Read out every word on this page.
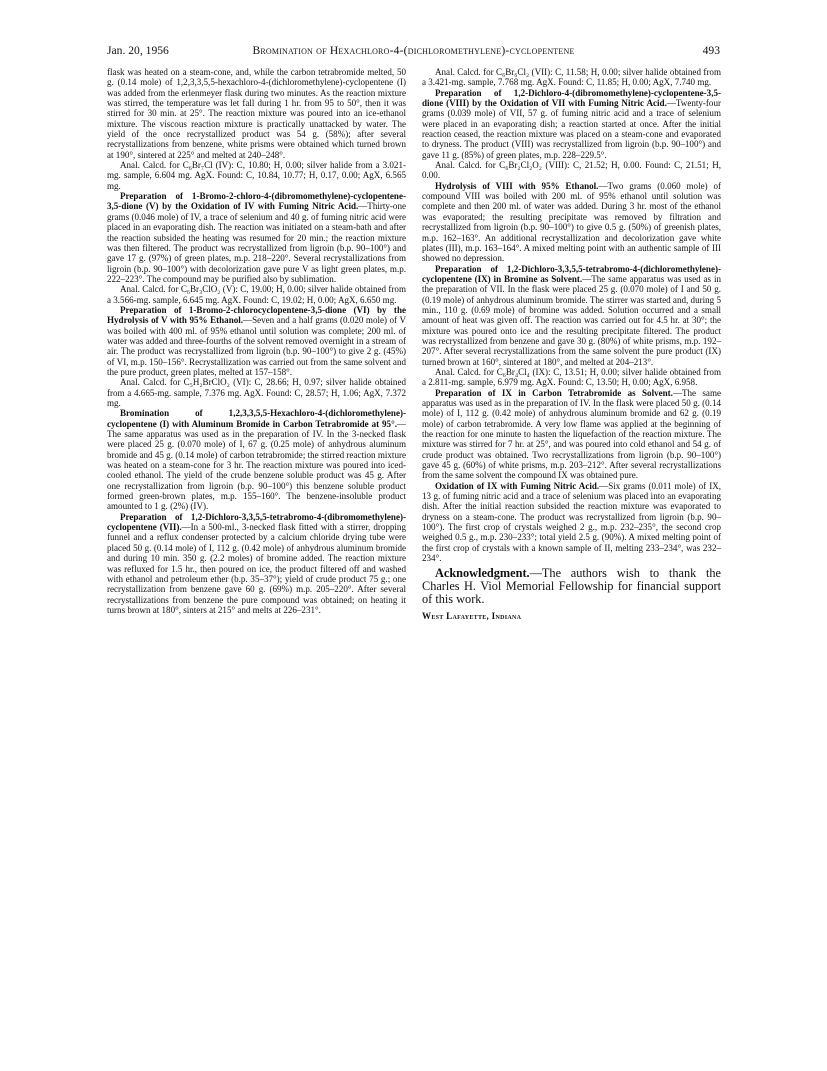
Jan. 20, 1956	Bromination of Hexachloro-4-(dichloromethylene)-cyclopentene	493

flask was heated on a steam-cone, and, while the carbon tetrabromide melted, 50 g. (0.14 mole) of 1,2,3,3,5,5-hexachloro-4-(dichloromethylene)-cyclopentene (I) was added from the erlenmeyer flask during two minutes. As the reaction mixture was stirred, the temperature was let fall during 1 hr. from 95 to 50°, then it was stirred for 30 min. at 25°. The reaction mixture was poured into an ice-ethanol mixture. The viscous reaction mixture is practically unattacked by water. The yield of the once recrystallized product was 54 g. (58%); after several recrystallizations from benzene, white prisms were obtained which turned brown at 190°, sintered at 225° and melted at 240–248°.

Anal. Calcd. for C₆Br₇Cl (IV): C, 10.80; H, 0.00; silver halide from a 3.021-mg. sample, 6.604 mg. AgX. Found: C, 10.84, 10.77; H, 0.17, 0.00; AgX, 6.565 mg.

Preparation of 1-Bromo-2-chloro-4-(dibromomethylene)-cyclopentene-3,5-dione (V) by the Oxidation of IV with Fuming Nitric Acid.—Thirty-one grams (0.046 mole) of IV, a trace of selenium and 40 g. of fuming nitric acid were placed in an evaporating dish. The reaction was initiated on a steam-bath and after the reaction subsided the heating was resumed for 20 min.; the reaction mixture was then filtered. The product was recrystallized from ligroin (b.p. 90–100°) and gave 17 g. (97%) of green plates, m.p. 218–220°. Several recrystallizations from ligroin (b.p. 90–100°) with decolorization gave pure V as light green plates, m.p. 222–223°. The compound may be purified also by sublimation.

Anal. Calcd. for C₆Br₃ClO₂ (V): C, 19.00; H, 0.00; silver halide obtained from a 3.566-mg. sample, 6.645 mg. AgX. Found: C, 19.02; H, 0.00; AgX, 6.650 mg.

Preparation of 1-Bromo-2-chlorocyclopentene-3,5-dione (VI) by the Hydrolysis of V with 95% Ethanol.—Seven and a half grams (0.020 mole) of V was boiled with 400 ml. of 95% ethanol until solution was complete; 200 ml. of water was added and three-fourths of the solvent removed overnight in a stream of air. The product was recrystallized from ligroin (b.p. 90–100°) to give 2 g. (45%) of VI, m.p. 150–156°. Recrystallization was carried out from the same solvent and the pure product, green plates, melted at 157–158°.

Anal. Calcd. for C₅H₂BrClO₂ (VI): C, 28.66; H, 0.97; silver halide obtained from a 4.665-mg. sample, 7.376 mg. AgX. Found: C, 28.57; H, 1.06; AgX, 7.372 mg.

Bromination of 1,2,3,3,5,5-Hexachloro-4-(dichloromethylene)-cyclopentene (I) with Aluminum Bromide in Carbon Tetrabromide at 95°.—The same apparatus was used as in the preparation of IV. In the 3-necked flask were placed 25 g. (0.070 mole) of I, 67 g. (0.25 mole) of anhydrous aluminum bromide and 45 g. (0.14 mole) of carbon tetrabromide; the stirred reaction mixture was heated on a steam-cone for 3 hr. The reaction mixture was poured into iced-cooled ethanol. The yield of the crude benzene soluble product was 45 g. After one recrystallization from ligroin (b.p. 90–100°) this benzene soluble product formed green-brown plates, m.p. 155–160°. The benzene-insoluble product amounted to 1 g. (2%) (IV).

Preparation of 1,2-Dichloro-3,3,5,5-tetrabromo-4-(dibromomethylene)-cyclopentene (VII).—In a 500-ml., 3-necked flask fitted with a stirrer, dropping funnel and a reflux condenser protected by a calcium chloride drying tube were placed 50 g. (0.14 mole) of I, 112 g. (0.42 mole) of anhydrous aluminum bromide and during 10 min. 350 g. (2.2 moles) of bromine added. The reaction mixture was refluxed for 1.5 hr., then poured on ice, the product filtered off and washed with ethanol and petroleum ether (b.p. 35–37°); yield of crude product 75 g.; one recrystallization from benzene gave 60 g. (69%) m.p. 205–220°. After several recrystallizations from benzene the pure compound was obtained; on heating it turns brown at 180°, sinters at 215° and melts at 226–231°.

Anal. Calcd. for C₆Br₆Cl₂ (VII): C, 11.58; H, 0.00; silver halide obtained from a 3.421-mg. sample, 7.768 mg. AgX. Found: C, 11.85; H, 0.00; AgX, 7.740 mg.

Preparation of 1,2-Dichloro-4-(dibromomethylene)-cyclopentene-3,5-dione (VIII) by the Oxidation of VII with Fuming Nitric Acid.—Twenty-four grams (0.039 mole) of VII, 57 g. of fuming nitric acid and a trace of selenium were placed in an evaporating dish; a reaction started at once. After the initial reaction ceased, the reaction mixture was placed on a steam-cone and evaporated to dryness. The product (VIII) was recrystallized from ligroin (b.p. 90–100°) and gave 11 g. (85%) of green plates, m.p. 228–229.5°.

Anal. Calcd. for C₆Br₂Cl₂O₂ (VIII): C, 21.52; H, 0.00. Found: C, 21.51; H, 0.00.

Hydrolysis of VIII with 95% Ethanol.—Two grams (0.060 mole) of compound VIII was boiled with 200 ml. of 95% ethanol until solution was complete and then 200 ml. of water was added. During 3 hr. most of the ethanol was evaporated; the resulting precipitate was removed by filtration and recrystallized from ligroin (b.p. 90–100°) to give 0.5 g. (50%) of greenish plates, m.p. 162–163°. An additional recrystallization and decolorization gave white plates (III), m.p. 163–164°. A mixed melting point with an authentic sample of III showed no depression.

Preparation of 1,2-Dichloro-3,3,5,5-tetrabromo-4-(dichloromethylene)-cyclopentene (IX) in Bromine as Solvent.—The same apparatus was used as in the preparation of VII. In the flask were placed 25 g. (0.070 mole) of I and 50 g. (0.19 mole) of anhydrous aluminum bromide. The stirrer was started and, during 5 min., 110 g. (0.69 mole) of bromine was added. Solution occurred and a small amount of heat was given off. The reaction was carried out for 4.5 hr. at 30°; the mixture was poured onto ice and the resulting precipitate filtered. The product was recrystallized from benzene and gave 30 g. (80%) of white prisms, m.p. 192–207°. After several recrystallizations from the same solvent the pure product (IX) turned brown at 160°, sintered at 180°, and melted at 204–213°.

Anal. Calcd. for C₆Br₄Cl₄ (IX): C, 13.51; H, 0.00; silver halide obtained from a 2.811-mg. sample, 6.979 mg. AgX. Found: C, 13.50; H, 0.00; AgX, 6.958.

Preparation of IX in Carbon Tetrabromide as Solvent.—The same apparatus was used as in the preparation of IV. In the flask were placed 50 g. (0.14 mole) of I, 112 g. (0.42 mole) of anhydrous aluminum bromide and 62 g. (0.19 mole) of carbon tetrabromide. A very low flame was applied at the beginning of the reaction for one minute to hasten the liquefaction of the reaction mixture. The mixture was stirred for 7 hr. at 25°, and was poured into cold ethanol and 54 g. of crude product was obtained. Two recrystallizations from ligroin (b.p. 90–100°) gave 45 g. (60%) of white prisms, m.p. 203–212°. After several recrystallizations from the same solvent the compound IX was obtained pure.

Oxidation of IX with Fuming Nitric Acid.—Six grams (0.011 mole) of IX, 13 g. of fuming nitric acid and a trace of selenium was placed into an evaporating dish. After the initial reaction subsided the reaction mixture was evaporated to dryness on a steam-cone. The product was recrystallized from ligroin (b.p. 90–100°). The first crop of crystals weighed 2 g., m.p. 232–235°, the second crop weighed 0.5 g., m.p. 230–233°; total yield 2.5 g. (90%). A mixed melting point of the first crop of crystals with a known sample of II, melting 233–234°, was 232–234°.

Acknowledgment.—The authors wish to thank the Charles H. Viol Memorial Fellowship for financial support of this work.

West Lafayette, Indiana
